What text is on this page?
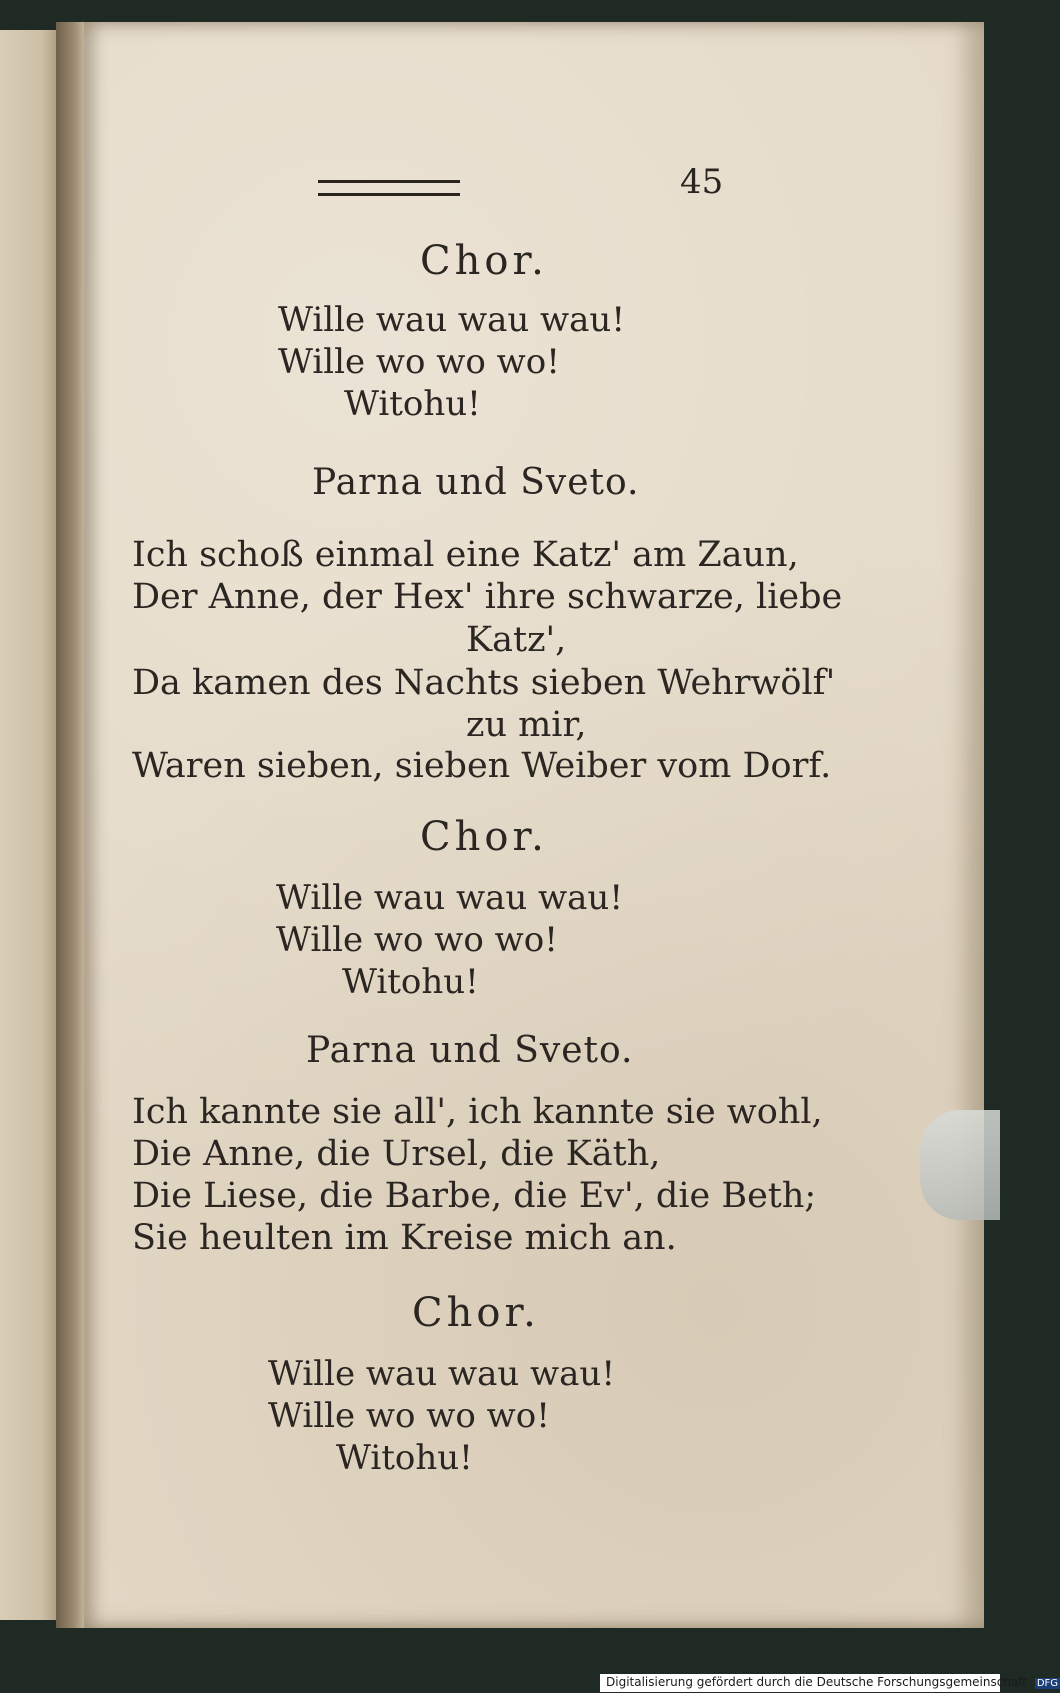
45
Chor.
Wille wau wau wau!
Wille wo wo wo!
Witohu!
Parna und Sveto.
Ich schoß einmal eine Katz' am Zaun,
Der Anne, der Hex' ihre schwarze, liebe
Katz',
Da kamen des Nachts sieben Wehrwölf'
zu mir,
Waren sieben, sieben Weiber vom Dorf.
Chor.
Wille wau wau wau!
Wille wo wo wo!
Witohu!
Parna und Sveto.
Ich kannte sie all', ich kannte sie wohl,
Die Anne, die Ursel, die Käth,
Die Liese, die Barbe, die Ev', die Beth;
Sie heulten im Kreise mich an.
Chor.
Wille wau wau wau!
Wille wo wo wo!
Witohu!
Digitalisierung gefördert durch die Deutsche Forschungsgemeinschaft DFG
